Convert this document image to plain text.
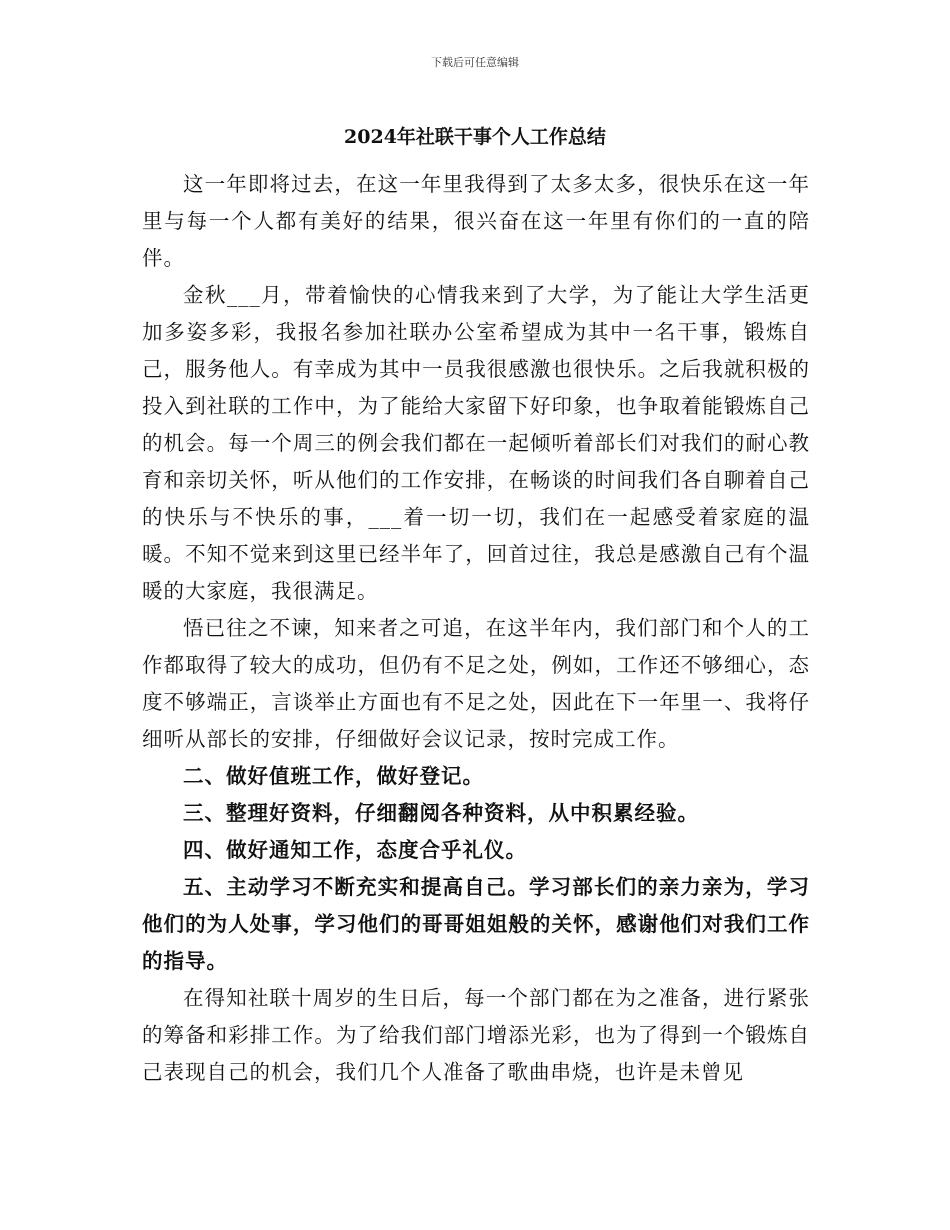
下载后可任意编辑
2024年社联干事个人工作总结

这一年即将过去，在这一年里我得到了太多太多，很快乐在这一年里与每一个人都有美好的结果，很兴奋在这一年里有你们的一直的陪伴。

金秋___月，带着愉快的心情我来到了大学，为了能让大学生活更加多姿多彩，我报名参加社联办公室希望成为其中一名干事，锻炼自己，服务他人。有幸成为其中一员我很感激也很快乐。之后我就积极的投入到社联的工作中，为了能给大家留下好印象，也争取着能锻炼自己的机会。每一个周三的例会我们都在一起倾听着部长们对我们的耐心教育和亲切关怀，听从他们的工作安排，在畅谈的时间我们各自聊着自己的快乐与不快乐的事，___着一切一切，我们在一起感受着家庭的温暖。不知不觉来到这里已经半年了，回首过往，我总是感激自己有个温暖的大家庭，我很满足。

悟已往之不谏，知来者之可追，在这半年内，我们部门和个人的工作都取得了较大的成功，但仍有不足之处，例如，工作还不够细心，态度不够端正，言谈举止方面也有不足之处，因此在下一年里一、我将仔细听从部长的安排，仔细做好会议记录，按时完成工作。

二、做好值班工作，做好登记。

三、整理好资料，仔细翻阅各种资料，从中积累经验。

四、做好通知工作，态度合乎礼仪。

五、主动学习不断充实和提高自己。学习部长们的亲力亲为，学习他们的为人处事，学习他们的哥哥姐姐般的关怀，感谢他们对我们工作的指导。

在得知社联十周岁的生日后，每一个部门都在为之准备，进行紧张的筹备和彩排工作。为了给我们部门增添光彩，也为了得到一个锻炼自己表现自己的机会，我们几个人准备了歌曲串烧，也许是未曾见
